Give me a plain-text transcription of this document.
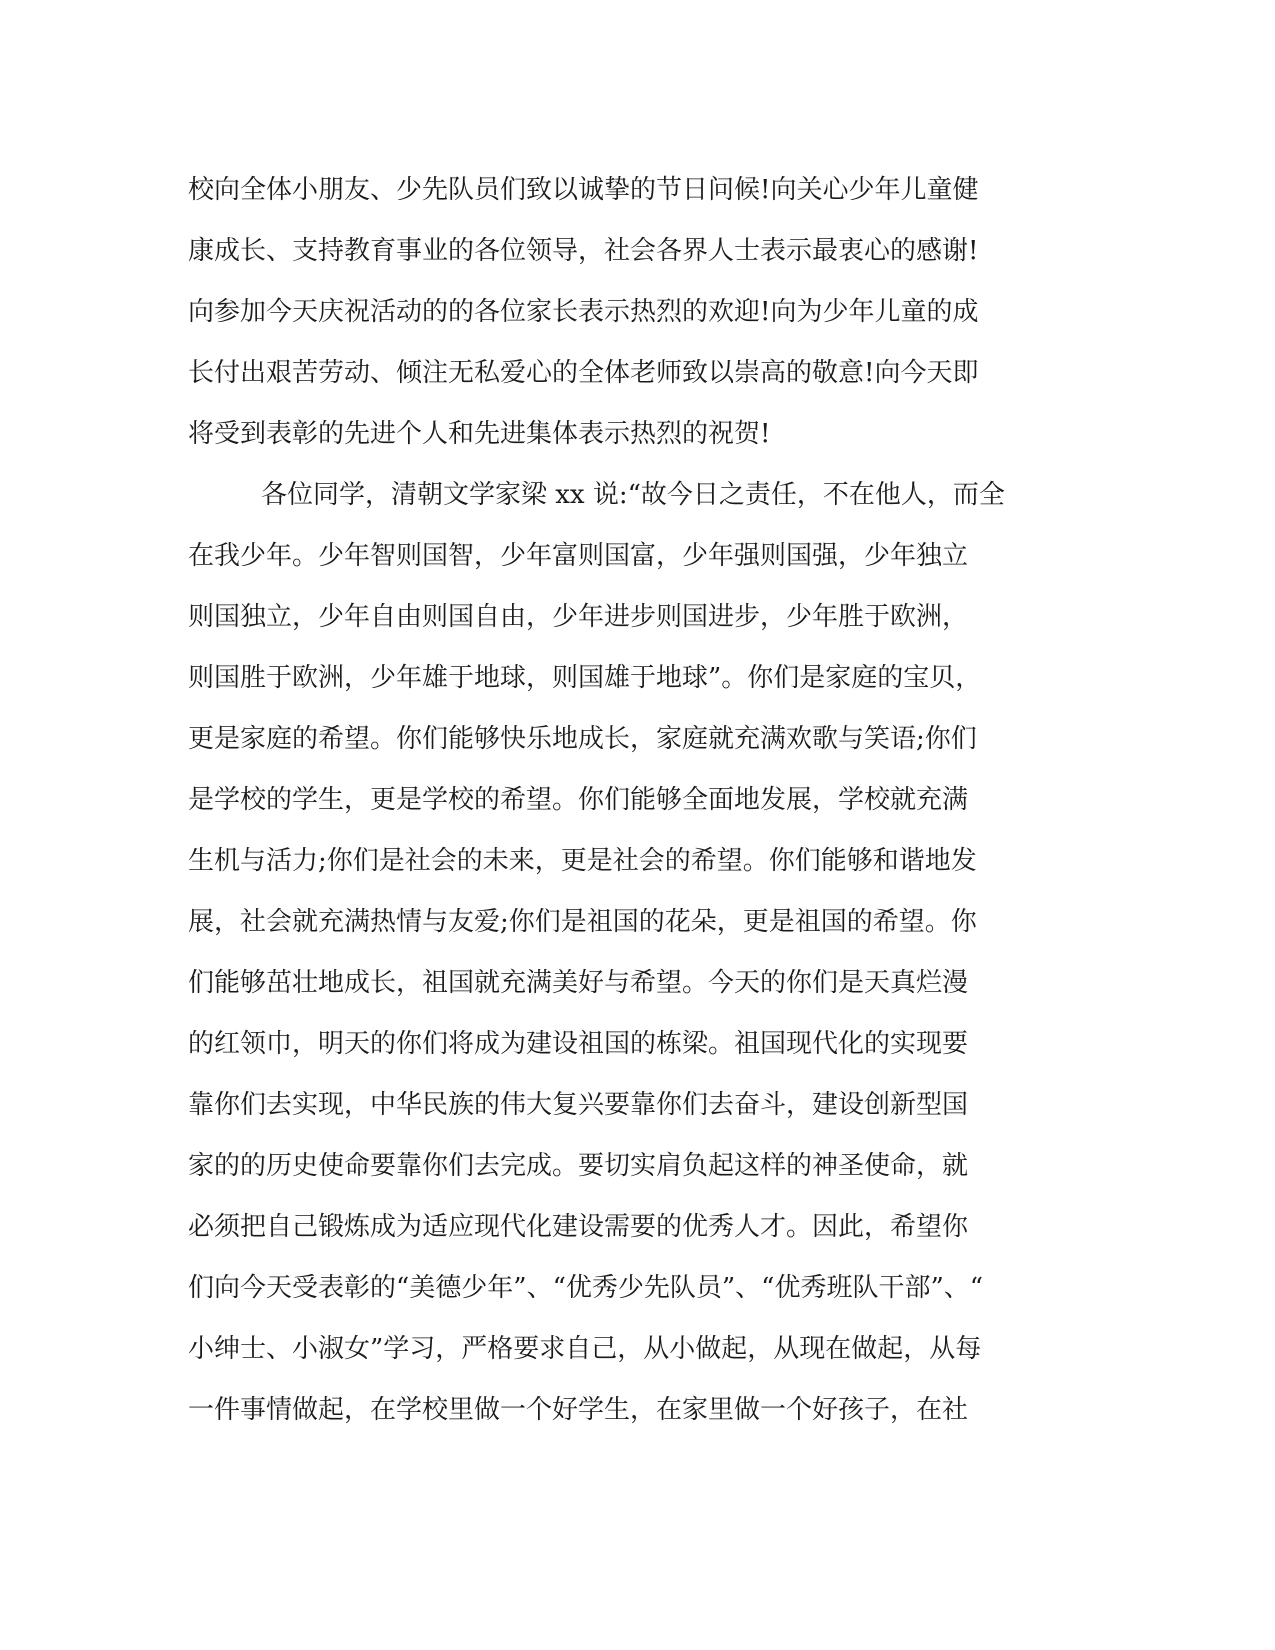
校向全体小朋友、少先队员们致以诚挚的节日问候!向关心少年儿童健
康成长、支持教育事业的各位领导，社会各界人士表示最衷心的感谢!
向参加今天庆祝活动的的各位家长表示热烈的欢迎!向为少年儿童的成
长付出艰苦劳动、倾注无私爱心的全体老师致以崇高的敬意!向今天即
将受到表彰的先进个人和先进集体表示热烈的祝贺!
各位同学，清朝文学家梁 xx 说:“故今日之责任，不在他人，而全
在我少年。少年智则国智，少年富则国富，少年强则国强，少年独立
则国独立，少年自由则国自由，少年进步则国进步，少年胜于欧洲，
则国胜于欧洲，少年雄于地球，则国雄于地球”。你们是家庭的宝贝，
更是家庭的希望。你们能够快乐地成长，家庭就充满欢歌与笑语;你们
是学校的学生，更是学校的希望。你们能够全面地发展，学校就充满
生机与活力;你们是社会的未来，更是社会的希望。你们能够和谐地发
展，社会就充满热情与友爱;你们是祖国的花朵，更是祖国的希望。你
们能够茁壮地成长，祖国就充满美好与希望。今天的你们是天真烂漫
的红领巾，明天的你们将成为建设祖国的栋梁。祖国现代化的实现要
靠你们去实现，中华民族的伟大复兴要靠你们去奋斗，建设创新型国
家的的历史使命要靠你们去完成。要切实肩负起这样的神圣使命，就
必须把自己锻炼成为适应现代化建设需要的优秀人才。因此，希望你
们向今天受表彰的“美德少年”、“优秀少先队员”、“优秀班队干部”、“
小绅士、小淑女”学习，严格要求自己，从小做起，从现在做起，从每
一件事情做起，在学校里做一个好学生，在家里做一个好孩子，在社
